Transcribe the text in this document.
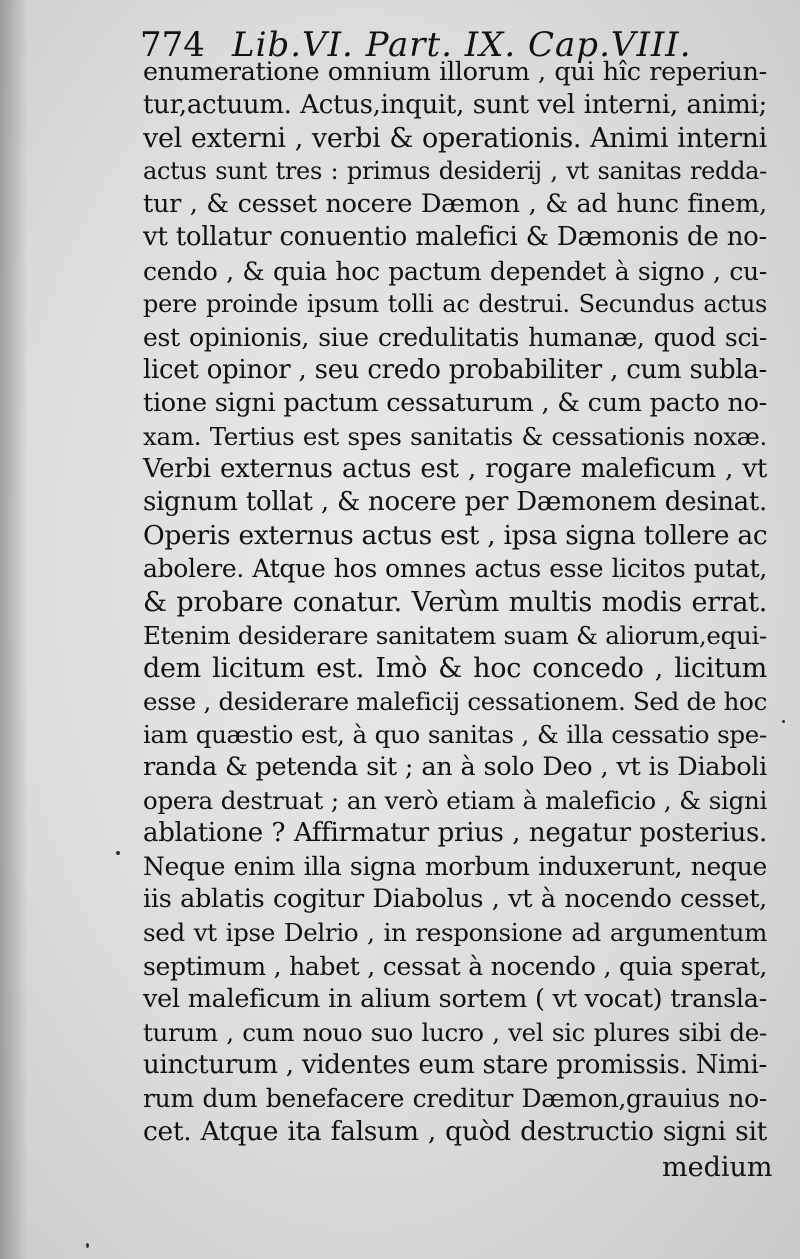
774 Lib.VI. Part. IX. Cap.VIII.
enumeratione omnium illorum , qui hîc reperiun-
tur,actuum. Actus,inquit, sunt vel interni, animi;
vel externi , verbi & operationis. Animi interni
actus sunt tres : primus desiderij , vt sanitas redda-
tur , & cesset nocere Dæmon , & ad hunc finem,
vt tollatur conuentio malefici & Dæmonis de no-
cendo , & quia hoc pactum dependet à signo , cu-
pere proinde ipsum tolli ac destrui. Secundus actus
est opinionis, siue credulitatis humanæ, quod sci-
licet opinor , seu credo probabiliter , cum subla-
tione signi pactum cessaturum , & cum pacto no-
xam. Tertius est spes sanitatis & cessationis noxæ.
Verbi externus actus est , rogare maleficum , vt
signum tollat , & nocere per Dæmonem desinat.
Operis externus actus est , ipsa signa tollere ac
abolere. Atque hos omnes actus esse licitos putat,
& probare conatur. Verùm multis modis errat.
Etenim desiderare sanitatem suam & aliorum,equi-
dem licitum est. Imò & hoc concedo , licitum
esse , desiderare maleficij cessationem. Sed de hoc
iam quæstio est, à quo sanitas , & illa cessatio spe-
randa & petenda sit ; an à solo Deo , vt is Diaboli
opera destruat ; an verò etiam à maleficio , & signi
ablatione ? Affirmatur prius , negatur posterius.
Neque enim illa signa morbum induxerunt, neque
iis ablatis cogitur Diabolus , vt à nocendo cesset,
sed vt ipse Delrio , in responsione ad argumentum
septimum , habet , cessat à nocendo , quia sperat,
vel maleficum in alium sortem ( vt vocat) transla-
turum , cum nouo suo lucro , vel sic plures sibi de-
uincturum , videntes eum stare promissis. Nimi-
rum dum benefacere creditur Dæmon,grauius no-
cet. Atque ita falsum , quòd destructio signi sit
medium
